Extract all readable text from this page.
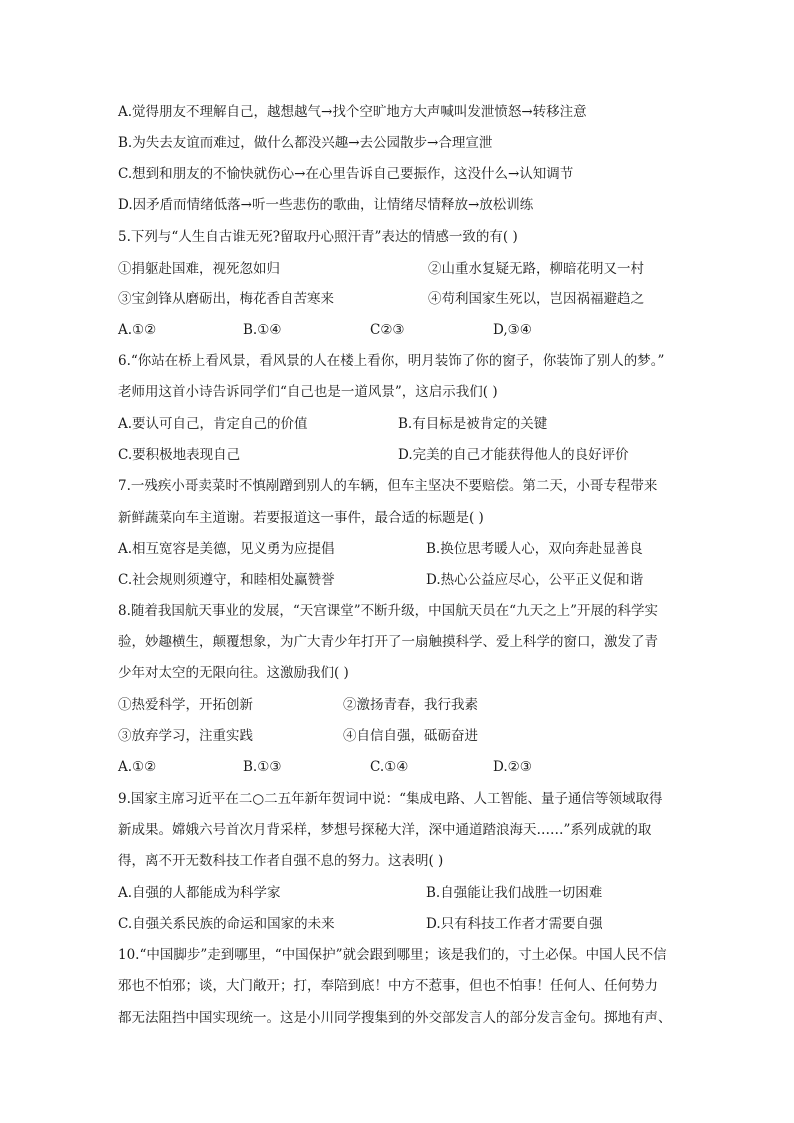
A.觉得朋友不理解自己，越想越气→找个空旷地方大声喊叫发泄愤怒→转移注意
B.为失去友谊而难过，做什么都没兴趣→去公园散步→合理宣泄
C.想到和朋友的不愉快就伤心→在心里告诉自己要振作，这没什么→认知调节
D.因矛盾而情绪低落→听一些悲伤的歌曲，让情绪尽情释放→放松训练
5.下列与“人生自古谁无死?留取丹心照汗青”表达的情感一致的有( )
①捐躯赴国难，视死忽如归	②山重水复疑无路，柳暗花明又一村
③宝剑锋从磨砺出，梅花香自苦寒来	④苟利国家生死以，岂因祸福避趋之
A.①②	B.①④	C②③	D,③④
6.“你站在桥上看风景，看风景的人在楼上看你，明月装饰了你的窗子，你装饰了别人的梦。”
老师用这首小诗告诉同学们“自己也是一道风景”，这启示我们( )
A.要认可自己，肯定自己的价值	B.有目标是被肯定的关键
C.要积极地表现自己	D.完美的自己才能获得他人的良好评价
7.一残疾小哥卖菜时不慎剐蹭到别人的车辆，但车主坚决不要赔偿。第二天，小哥专程带来
新鲜蔬菜向车主道谢。若要报道这一事件，最合适的标题是( )
A.相互宽容是美德，见义勇为应提倡	B.换位思考暖人心，双向奔赴显善良
C.社会规则须遵守，和睦相处赢赞誉	D.热心公益应尽心，公平正义促和谐
8.随着我国航天事业的发展，“天宫课堂”不断升级，中国航天员在“九天之上”开展的科学实
验，妙趣横生，颠覆想象，为广大青少年打开了一扇触摸科学、爱上科学的窗口，激发了青
少年对太空的无限向往。这激励我们( )
①热爱科学，开拓创新	②激扬青春，我行我素
③放弃学习，注重实践	④自信自强，砥砺奋进
A.①②	B.①③	C.①④	D.②③
9.国家主席习近平在二○二五年新年贺词中说：“集成电路、人工智能、量子通信等领域取得
新成果。嫦娥六号首次月背采样，梦想号探秘大洋，深中通道踏浪海天……”系列成就的取
得，离不开无数科技工作者自强不息的努力。这表明( )
A.自强的人都能成为科学家	B.自强能让我们战胜一切困难
C.自强关系民族的命运和国家的未来	D.只有科技工作者才需要自强
10.“中国脚步”走到哪里，“中国保护”就会跟到哪里；该是我们的，寸土必保。中国人民不信
邪也不怕邪；谈，大门敞开；打，奉陪到底！中方不惹事，但也不怕事！任何人、任何势力
都无法阻挡中国实现统一。这是小川同学搜集到的外交部发言人的部分发言金句。掷地有声、
